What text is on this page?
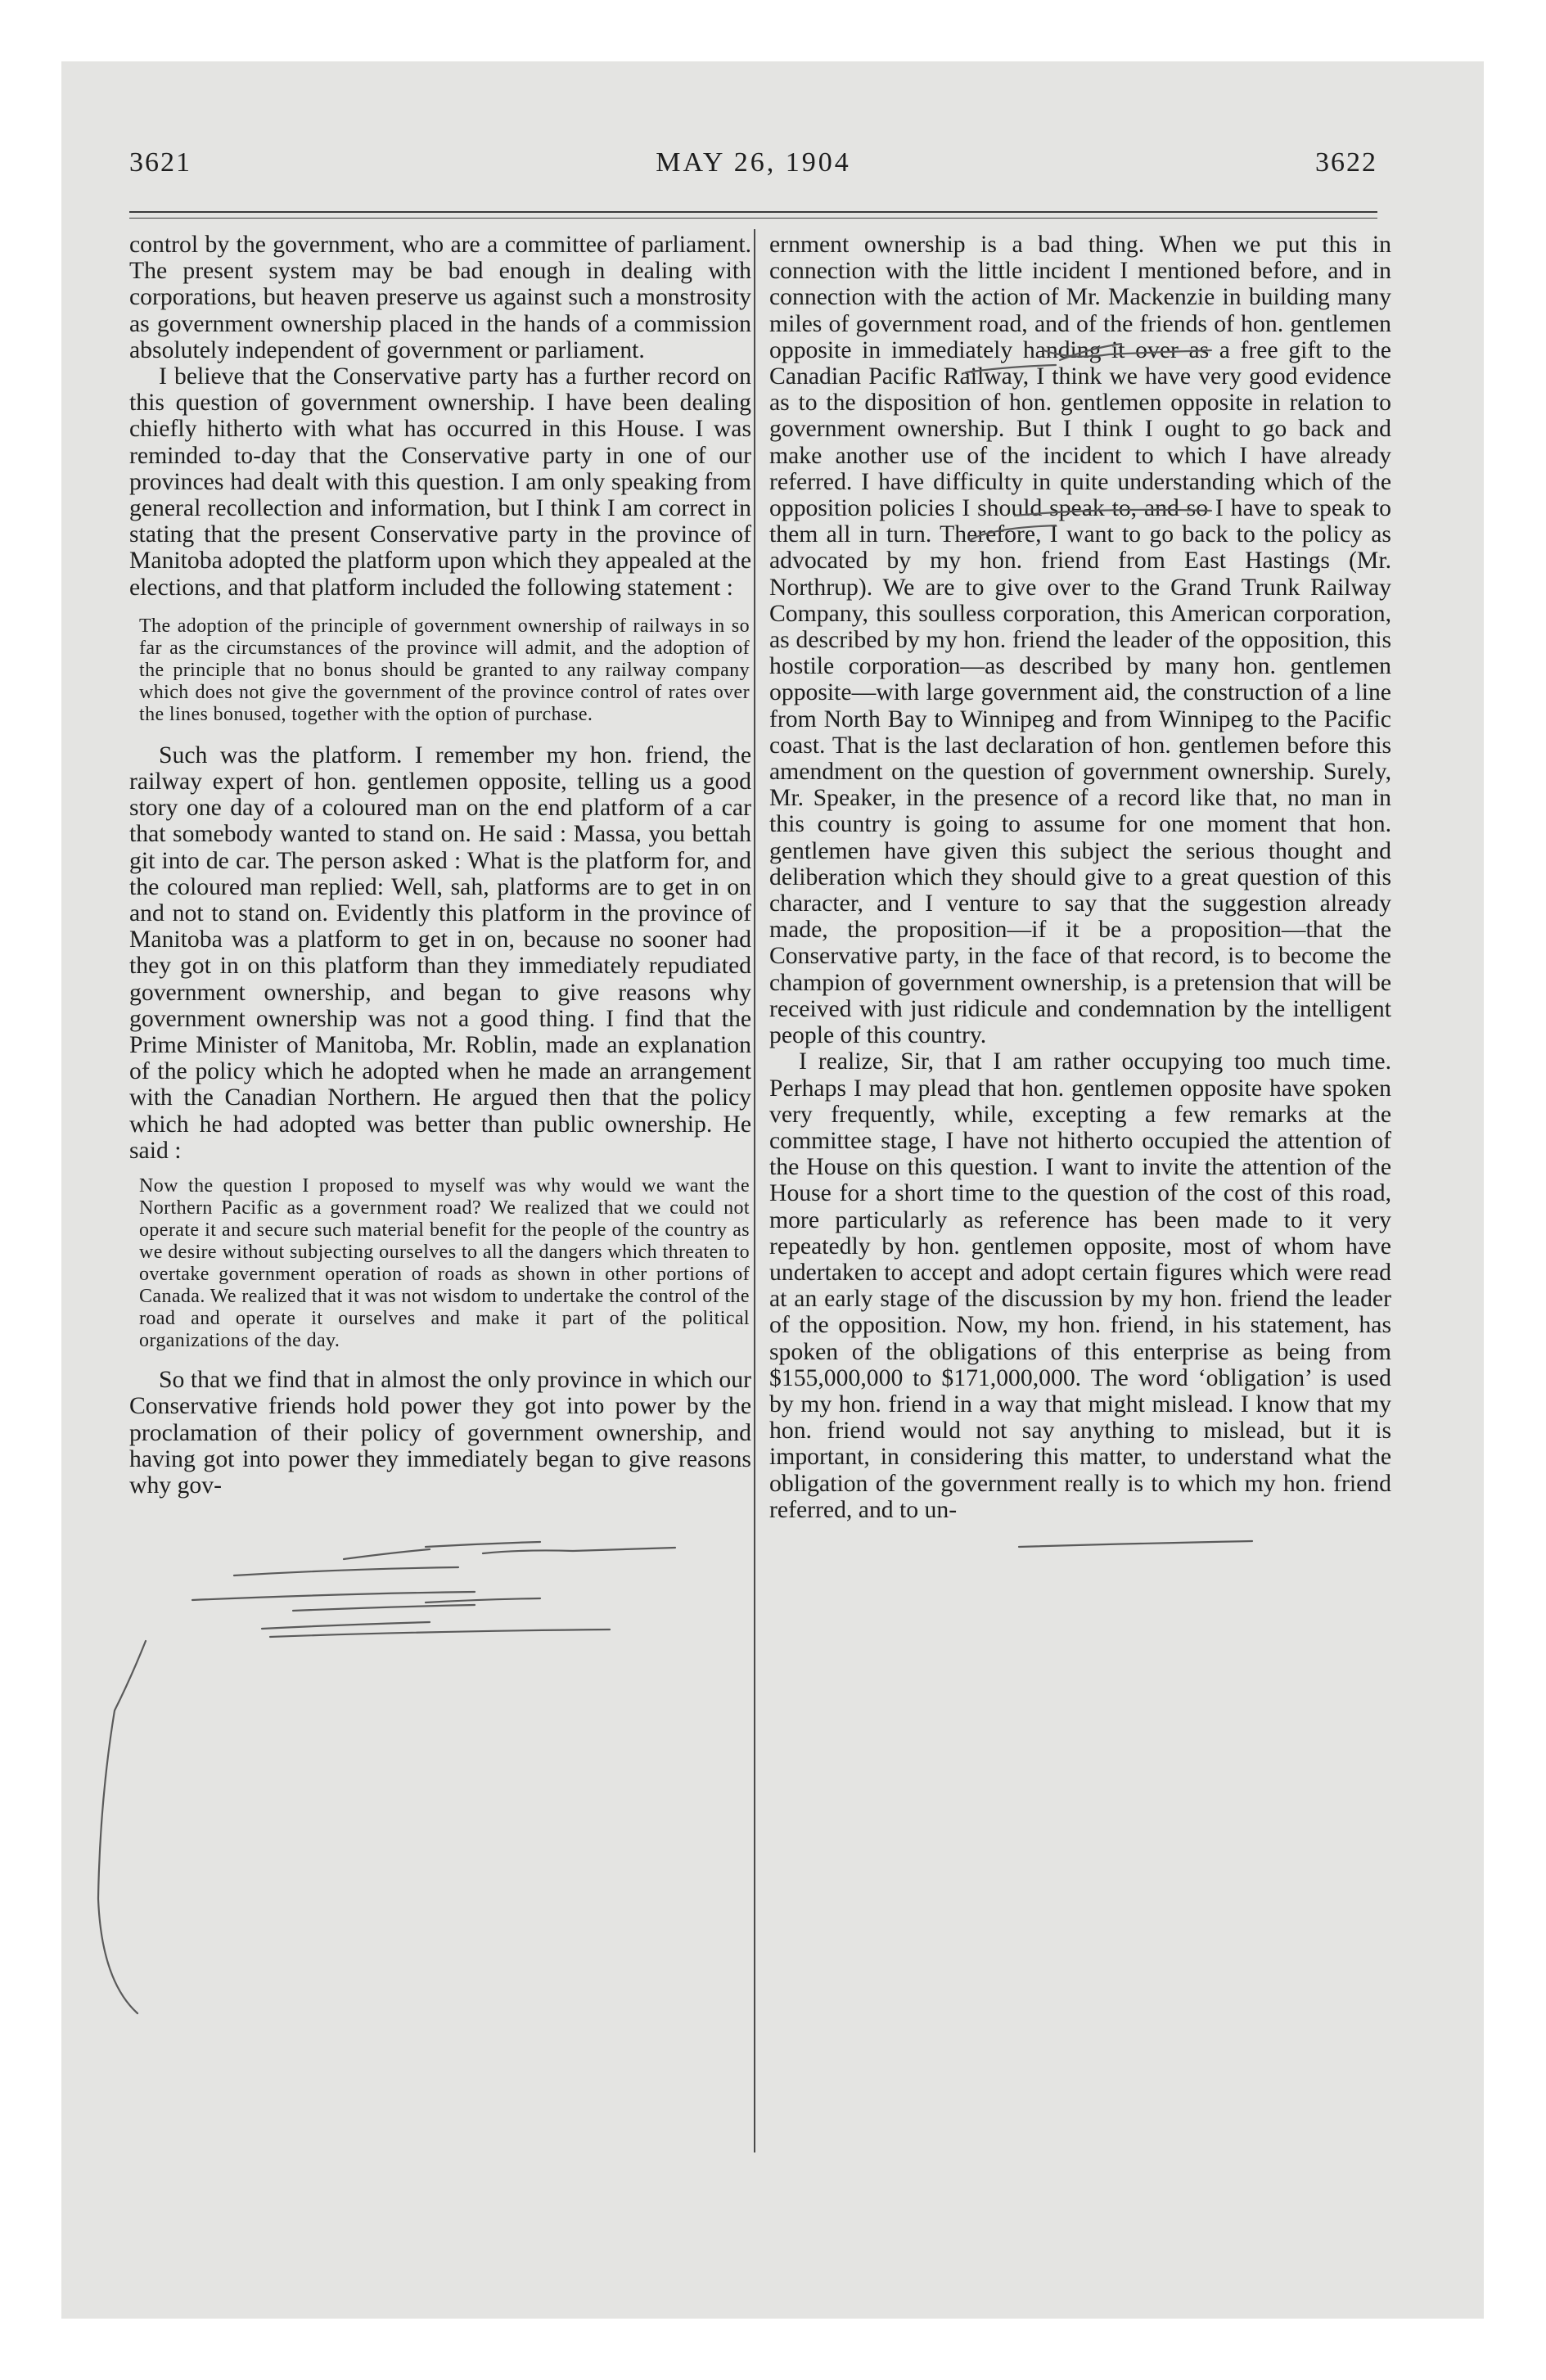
3621	MAY 26, 1904	3622

control by the government, who are a committee of parliament. The present system may be bad enough in dealing with corporations, but heaven preserve us against such a monstrosity as government ownership placed in the hands of a commission absolutely independent of government or parliament.

I believe that the Conservative party has a further record on this question of government ownership. I have been dealing chiefly hitherto with what has occurred in this House. I was reminded to-day that the Conservative party in one of our provinces had dealt with this question. I am only speaking from general recollection and information, but I think I am correct in stating that the present Conservative party in the province of Manitoba adopted the platform upon which they appealed at the elections, and that platform included the following statement :

The adoption of the principle of government ownership of railways in so far as the circumstances of the province will admit, and the adoption of the principle that no bonus should be granted to any railway company which does not give the government of the province control of rates over the lines bonused, together with the option of purchase.

Such was the platform. I remember my hon. friend, the railway expert of hon. gentlemen opposite, telling us a good story one day of a coloured man on the end platform of a car that somebody wanted to stand on. He said : Massa, you bettah git into de car. The person asked : What is the platform for, and the coloured man replied: Well, sah, platforms are to get in on and not to stand on. Evidently this platform in the province of Manitoba was a platform to get in on, because no sooner had they got in on this platform than they immediately repudiated government ownership, and began to give reasons why government ownership was not a good thing. I find that the Prime Minister of Manitoba, Mr. Roblin, made an explanation of the policy which he adopted when he made an arrangement with the Canadian Northern. He argued then that the policy which he had adopted was better than public ownership. He said :

Now the question I proposed to myself was why would we want the Northern Pacific as a government road? We realized that we could not operate it and secure such material benefit for the people of the country as we desire without subjecting ourselves to all the dangers which threaten to overtake government operation of roads as shown in other portions of Canada. We realized that it was not wisdom to undertake the control of the road and operate it ourselves and make it part of the political organizations of the day.

So that we find that in almost the only province in which our Conservative friends hold power they got into power by the proclamation of their policy of government ownership, and having got into power they immediately began to give reasons why gov-

ernment ownership is a bad thing. When we put this in connection with the little incident I mentioned before, and in connection with the action of Mr. Mackenzie in building many miles of government road, and of the friends of hon. gentlemen opposite in immediately handing it over as a free gift to the Canadian Pacific Railway, I think we have very good evidence as to the disposition of hon. gentlemen opposite in relation to government ownership. But I think I ought to go back and make another use of the incident to which I have already referred. I have difficulty in quite understanding which of the opposition policies I should speak to, and so I have to speak to them all in turn. Therefore, I want to go back to the policy as advocated by my hon. friend from East Hastings (Mr. Northrup). We are to give over to the Grand Trunk Railway Company, this soulless corporation, this American corporation, as described by my hon. friend the leader of the opposition, this hostile corporation—as described by many hon. gentlemen opposite—with large government aid, the construction of a line from North Bay to Winnipeg and from Winnipeg to the Pacific coast. That is the last declaration of hon. gentlemen before this amendment on the question of government ownership. Surely, Mr. Speaker, in the presence of a record like that, no man in this country is going to assume for one moment that hon. gentlemen have given this subject the serious thought and deliberation which they should give to a great question of this character, and I venture to say that the suggestion already made, the proposition—if it be a proposition—that the Conservative party, in the face of that record, is to become the champion of government ownership, is a pretension that will be received with just ridicule and condemnation by the intelligent people of this country.

I realize, Sir, that I am rather occupying too much time. Perhaps I may plead that hon. gentlemen opposite have spoken very frequently, while, excepting a few remarks at the committee stage, I have not hitherto occupied the attention of the House on this question. I want to invite the attention of the House for a short time to the question of the cost of this road, more particularly as reference has been made to it very repeatedly by hon. gentlemen opposite, most of whom have undertaken to accept and adopt certain figures which were read at an early stage of the discussion by my hon. friend the leader of the opposition. Now, my hon. friend, in his statement, has spoken of the obligations of this enterprise as being from $155,000,000 to $171,000,000. The word ‘obligation’ is used by my hon. friend in a way that might mislead. I know that my hon. friend would not say anything to mislead, but it is important, in considering this matter, to understand what the obligation of the government really is to which my hon. friend referred, and to un-
